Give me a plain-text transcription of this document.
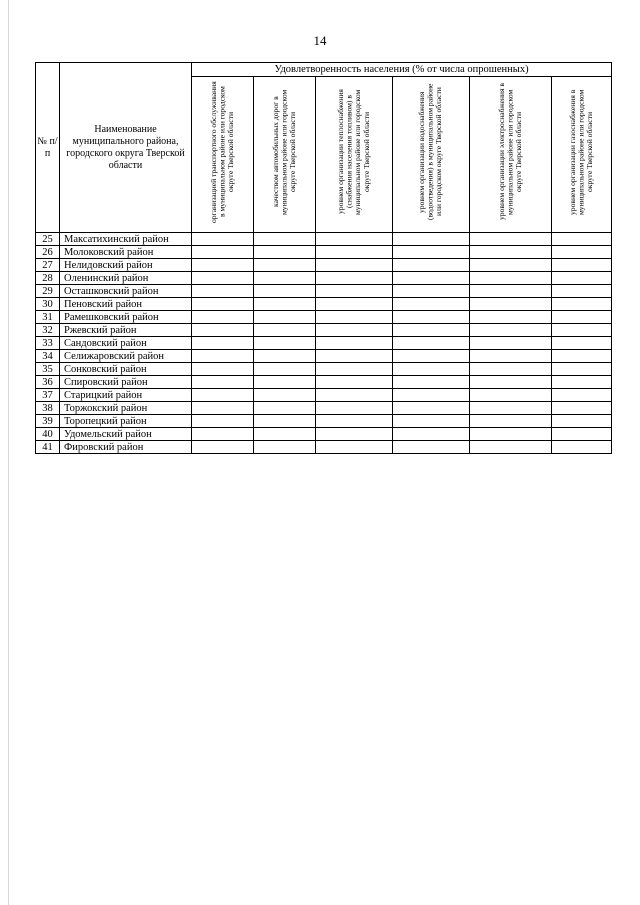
14
№ п/п	Наименование муниципального района, городского округа Тверской области	Удовлетворенность населения (% от числа опрошенных)					
		организацией транспортного обслуживания в муниципальном районе или городском округе Тверской области	качеством автомобильных дорог в муниципальном районе или городском округе Тверской области	уровнем организации теплоснабжения (снабжения населения топливом) в муниципальном районе или городском округе Тверской области	уровнем организации водоснабжения (водоотведения) в муниципальном районе или городском округе Тверской области	уровнем организации электроснабжения в муниципальном районе или городском округе Тверской области	уровнем организации газоснабжения в муниципальном районе или городском округе Тверской области
25	Максатихинский район						
26	Молоковский район						
27	Нелидовский район						
28	Оленинский район						
29	Осташковский район						
30	Пеновский район						
31	Рамешковский район						
32	Ржевский район						
33	Сандовский район						
34	Селижаровский район						
35	Сонковский район						
36	Спировский район						
37	Старицкий район						
38	Торжокский район						
39	Торопецкий район						
40	Удомельский район						
41	Фировский район						
